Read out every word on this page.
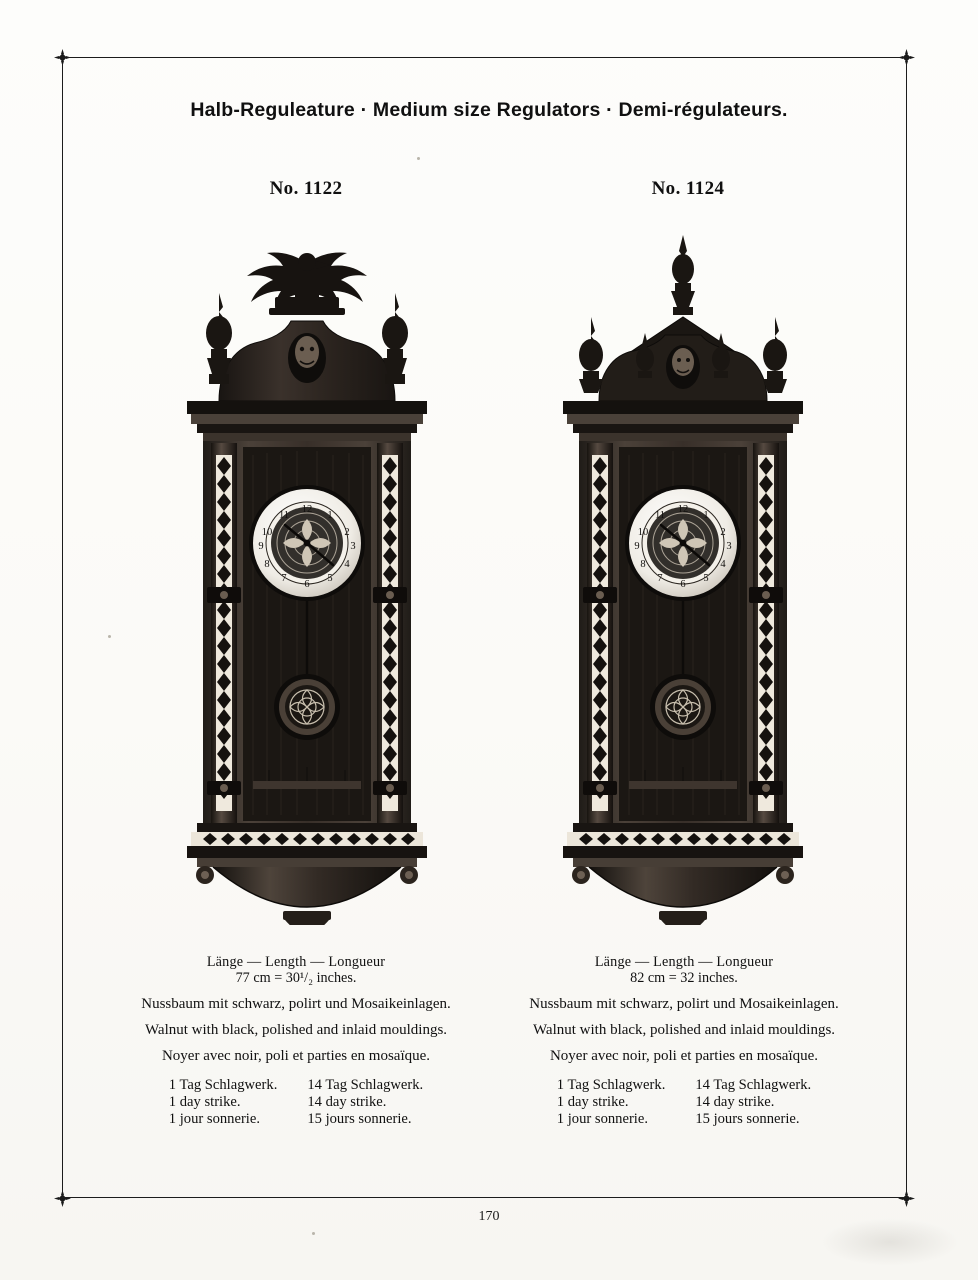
Halb-Reguleature · Medium size Regulators · Demi-régulateurs.
No. 1122	No. 1124
12
1
2
3
4
5
6
7
8
9
10
11
12
1
2
3
4
5
6
7
8
9
10
11

Länge — Length — Longueur

77 cm = 30¹/₂ inches.

Nussbaum mit schwarz, polirt und Mosaikeinlagen.

Walnut with black, polished and inlaid mouldings.

Noyer avec noir, poli et parties en mosaïque.

1 Tag Schlagwerk.	14 Tag Schlagwerk.
1 day strike.	14 day strike.
1 jour sonnerie.	15 jours sonnerie.

Länge — Length — Longueur

82 cm = 32 inches.

Nussbaum mit schwarz, polirt und Mosaikeinlagen.

Walnut with black, polished and inlaid mouldings.

Noyer avec noir, poli et parties en mosaïque.

1 Tag Schlagwerk.	14 Tag Schlagwerk.
1 day strike.	14 day strike.
1 jour sonnerie.	15 jours sonnerie.
170
